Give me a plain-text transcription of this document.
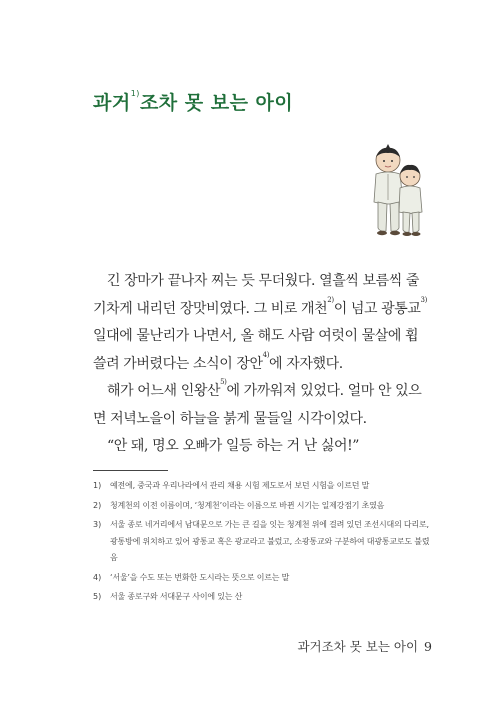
과거$^{1)}$조차 못 보는 아이

긴 장마가 끝나자 찌는 듯 무더웠다. 열흘씩 보름씩 줄기차게 내리던 장맛비였다. 그 비로 개천$^{2)}$이 넘고 광통교$^{3)}$ 일대에 물난리가 나면서, 올 해도 사람 여럿이 물살에 휩쓸려 가버렸다는 소식이 장안$^{4)}$에 자자했다.

해가 어느새 인왕산$^{5)}$에 가까워져 있었다. 얼마 안 있으면 저녁노을이 하늘을 붉게 물들일 시각이었다.

“안 돼, 명오 오빠가 일등 하는 거 난 싫어!”

1)	예전에, 중국과 우리나라에서 관리 채용 시험 제도로서 보던 시험을 이르던 말
2)	청계천의 이전 이름이며, ‘청계천’이라는 이름으로 바뀐 시기는 일제강점기 초였음
3)	서울 종로 네거리에서 남대문으로 가는 큰 길을 잇는 청계천 위에 걸려 있던 조선시대의 다리로, 광통방에 위치하고 있어 광통교 혹은 광교라고 불렀고, 소광통교와 구분하여 대광통교로도 불렸음
4)	‘서울’을 수도 또는 번화한 도시라는 뜻으로 이르는 말
5)	서울 종로구와 서대문구 사이에 있는 산
과거조차 못 보는 아이 9
